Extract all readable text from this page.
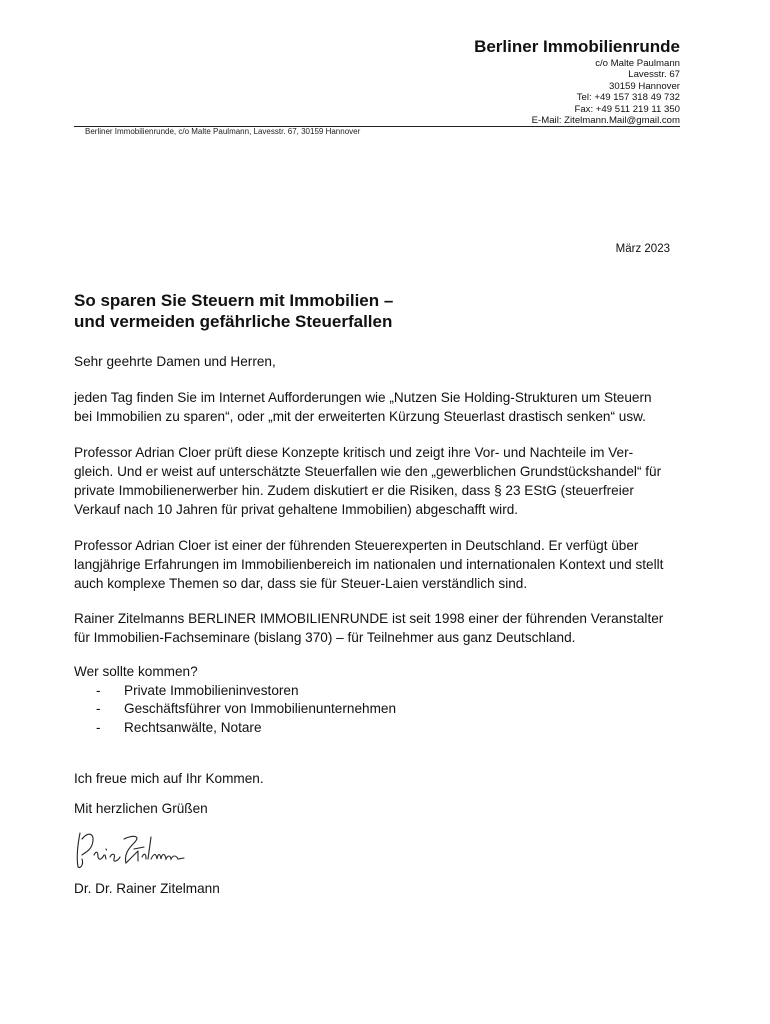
Berliner Immobilienrunde
c/o Malte Paulmann
Lavesstr. 67
30159 Hannover
Tel: +49 157 318 49 732
Fax: +49 511 219 11 350
E-Mail: Zitelmann.Mail@gmail.com
Berliner Immobilienrunde, c/o Malte Paulmann, Lavesstr. 67, 30159 Hannover
März 2023
So sparen Sie Steuern mit Immobilien –
und vermeiden gefährliche Steuerfallen
Sehr geehrte Damen und Herren,
jeden Tag finden Sie im Internet Aufforderungen wie „Nutzen Sie Holding-Strukturen um Steuern
bei Immobilien zu sparen“, oder „mit der erweiterten Kürzung Steuerlast drastisch senken“ usw.
Professor Adrian Cloer prüft diese Konzepte kritisch und zeigt ihre Vor- und Nachteile im Ver-
gleich. Und er weist auf unterschätzte Steuerfallen wie den „gewerblichen Grundstückshandel“ für
private Immobilienerwerber hin. Zudem diskutiert er die Risiken, dass § 23 EStG (steuerfreier
Verkauf nach 10 Jahren für privat gehaltene Immobilien) abgeschafft wird.
Professor Adrian Cloer ist einer der führenden Steuerexperten in Deutschland. Er verfügt über
langjährige Erfahrungen im Immobilienbereich im nationalen und internationalen Kontext und stellt
auch komplexe Themen so dar, dass sie für Steuer-Laien verständlich sind.
Rainer Zitelmanns BERLINER IMMOBILIENRUNDE ist seit 1998 einer der führenden Veranstalter
für Immobilien-Fachseminare (bislang 370) – für Teilnehmer aus ganz Deutschland.
Wer sollte kommen?
-	Private Immobilieninvestoren
-	Geschäftsführer von Immobilienunternehmen
-	Rechtsanwälte, Notare
Ich freue mich auf Ihr Kommen.
Mit herzlichen Grüßen
Dr. Dr. Rainer Zitelmann
